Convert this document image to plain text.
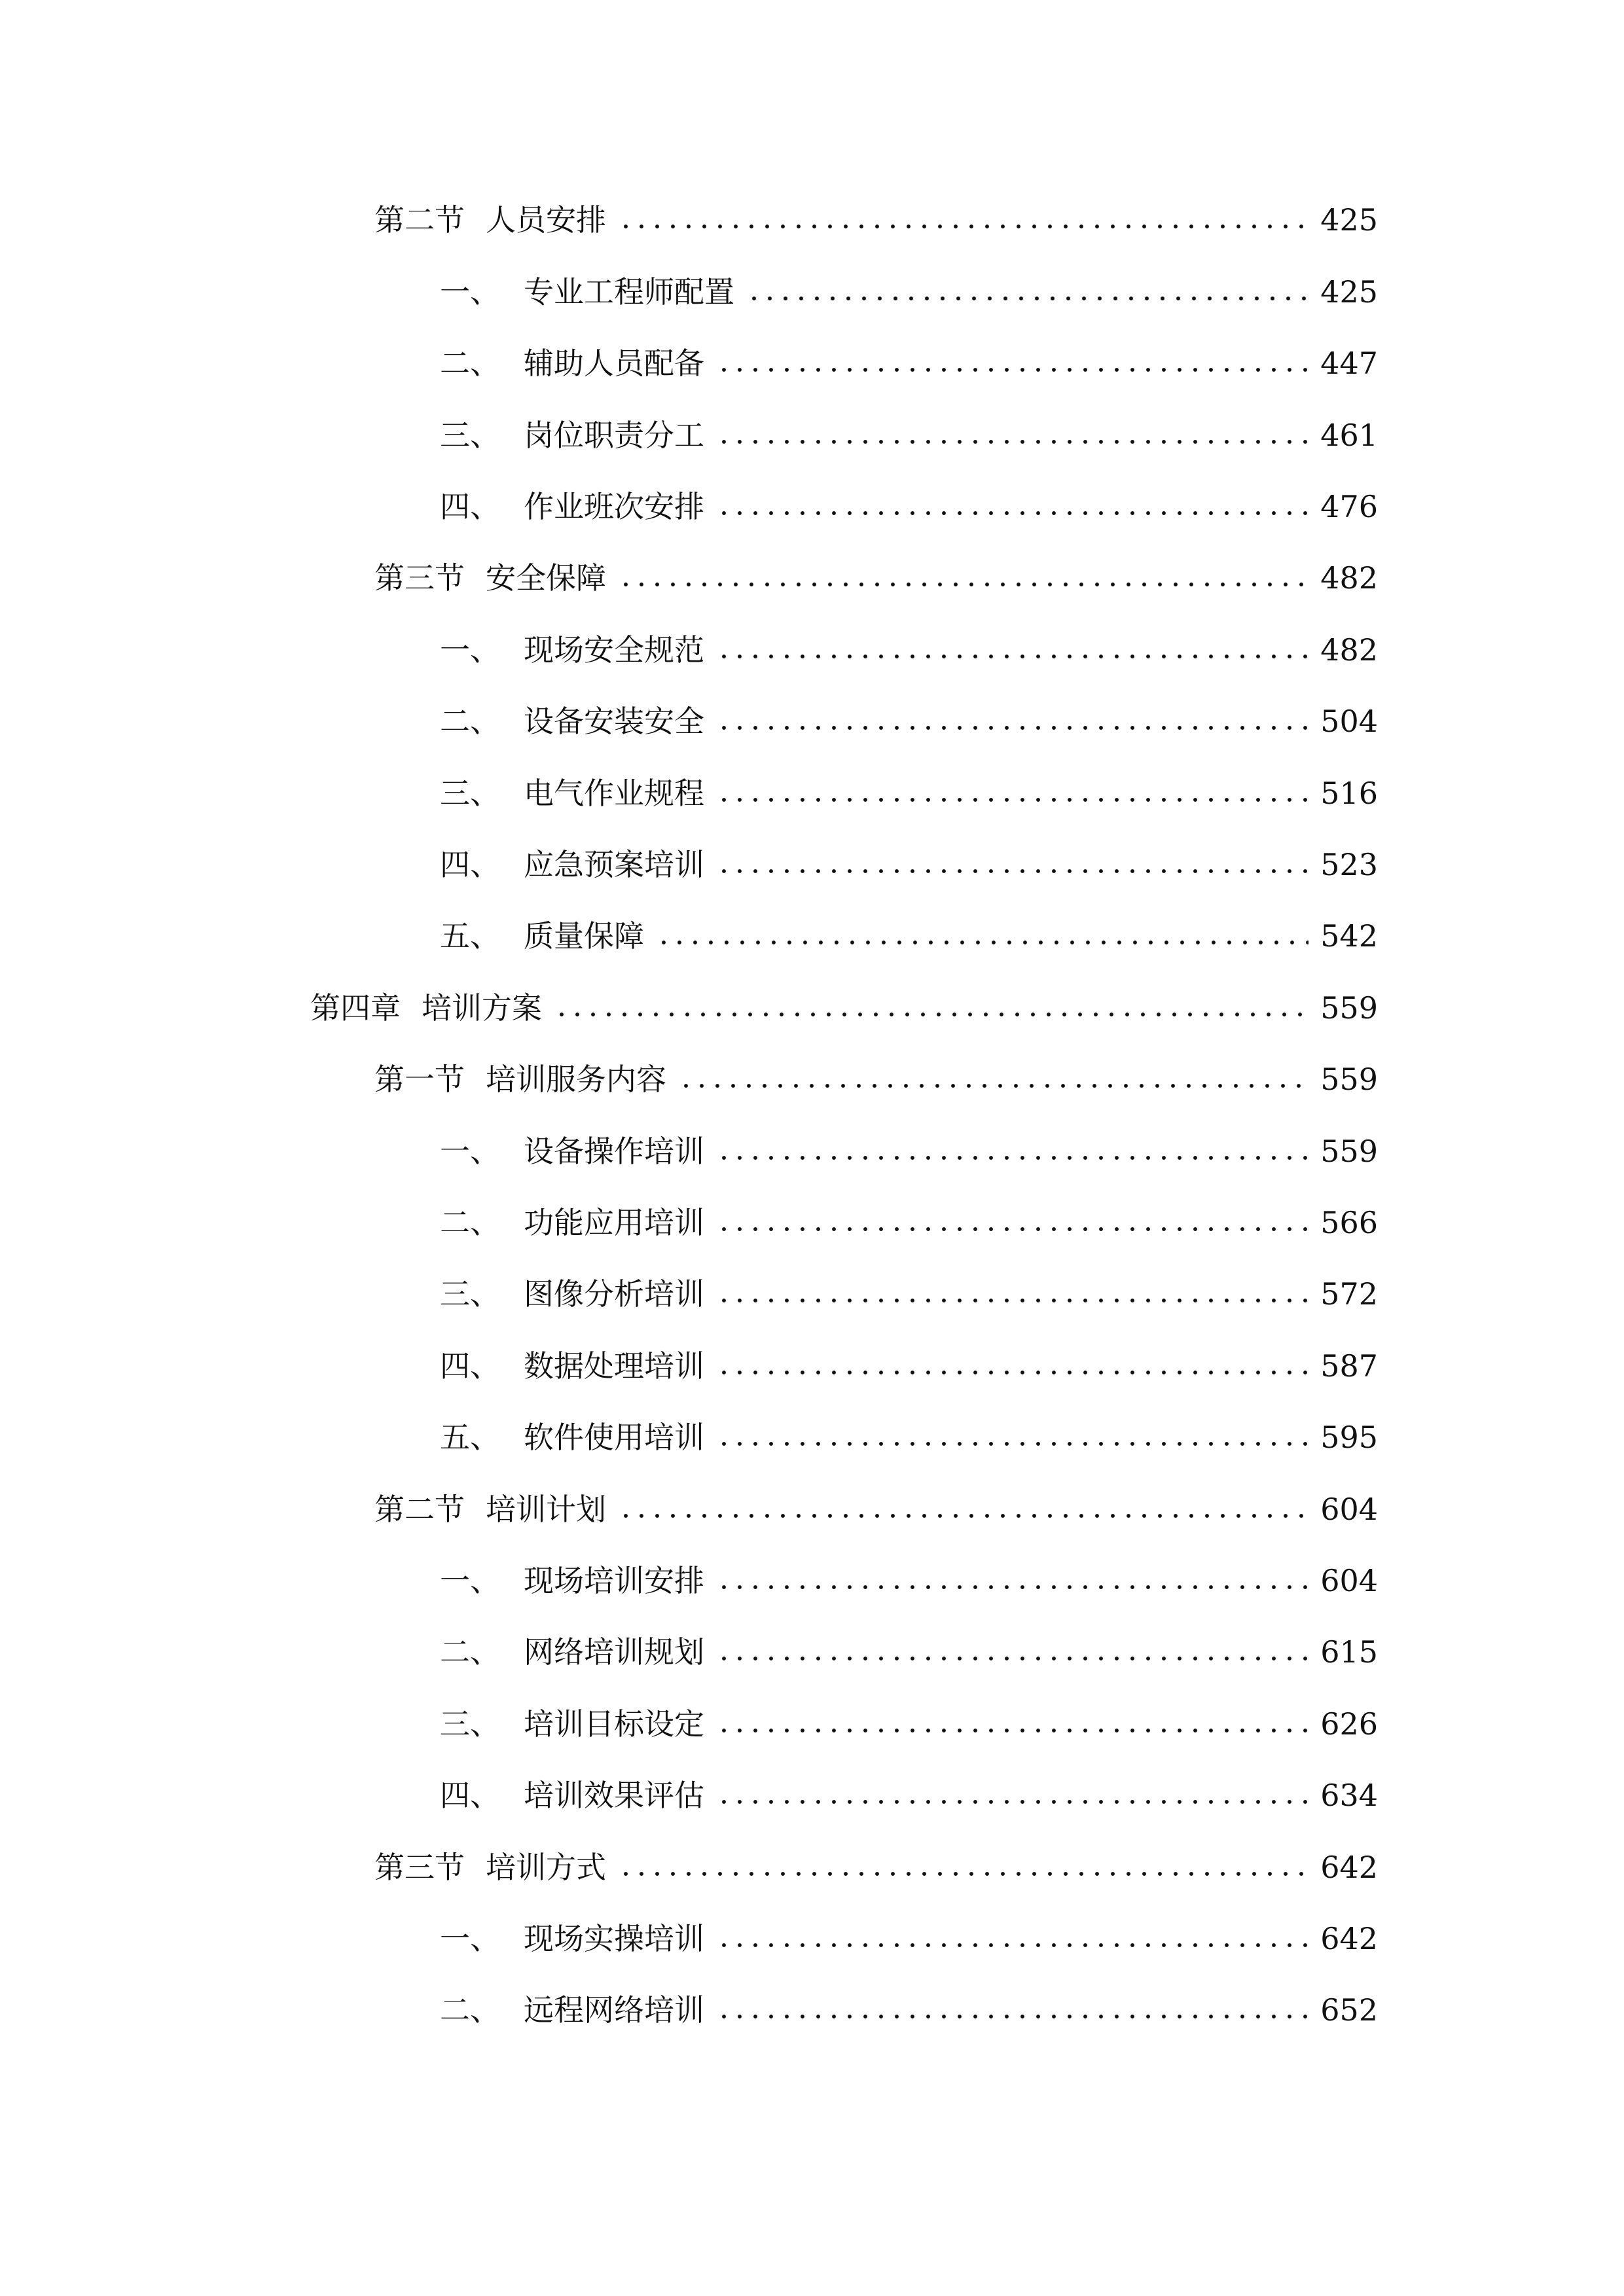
第二节 人员安排	425
一、 专业工程师配置	425
二、 辅助人员配备	447
三、 岗位职责分工	461
四、 作业班次安排	476
第三节 安全保障	482
一、 现场安全规范	482
二、 设备安装安全	504
三、 电气作业规程	516
四、 应急预案培训	523
五、 质量保障	542
第四章 培训方案	559
第一节 培训服务内容	559
一、 设备操作培训	559
二、 功能应用培训	566
三、 图像分析培训	572
四、 数据处理培训	587
五、 软件使用培训	595
第二节 培训计划	604
一、 现场培训安排	604
二、 网络培训规划	615
三、 培训目标设定	626
四、 培训效果评估	634
第三节 培训方式	642
一、 现场实操培训	642
二、 远程网络培训	652
